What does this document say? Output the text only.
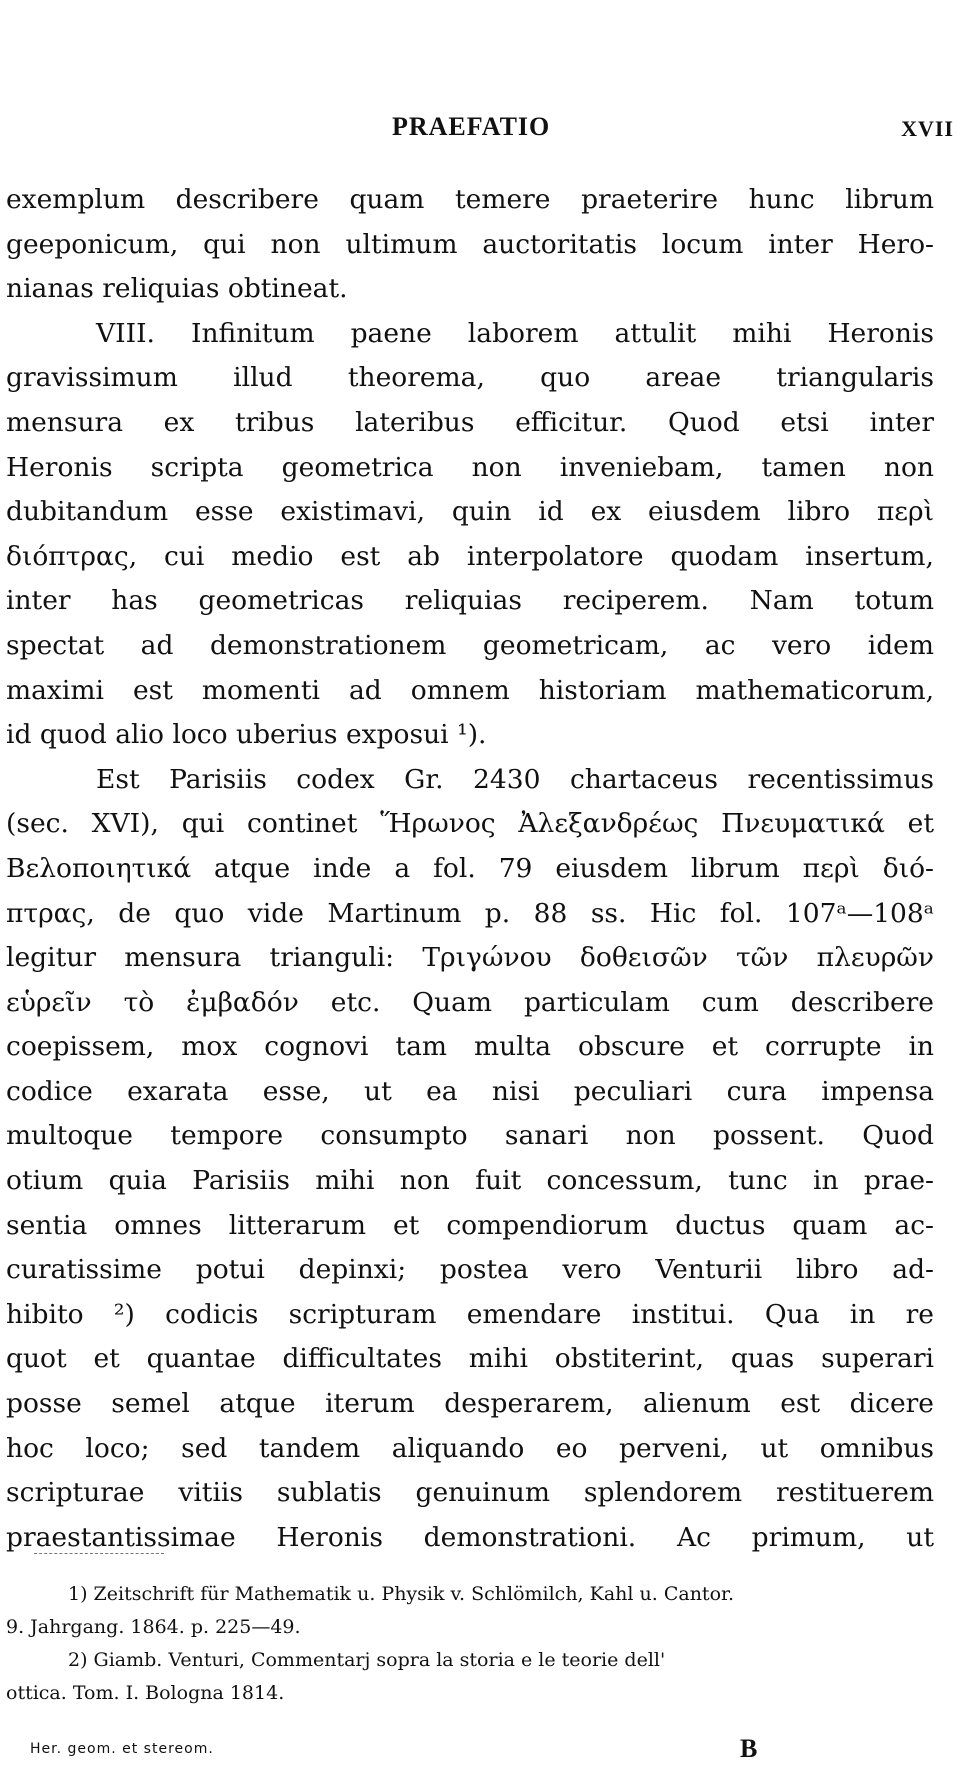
PRAEFATIO	XVII
exemplum describere quam temere praeterire hunc librum
geeponicum, qui non ultimum auctoritatis locum inter Hero-
nianas reliquias obtineat.
VIII. Infinitum paene laborem attulit mihi Heronis
gravissimum illud theorema, quo areae triangularis
mensura ex tribus lateribus efficitur. Quod etsi inter
Heronis scripta geometrica non inveniebam, tamen non
dubitandum esse existimavi, quin id ex eiusdem libro περὶ
διόπτρας, cui medio est ab interpolatore quodam insertum,
inter has geometricas reliquias reciperem. Nam totum
spectat ad demonstrationem geometricam, ac vero idem
maximi est momenti ad omnem historiam mathematicorum,
id quod alio loco uberius exposui ¹).
Est Parisiis codex Gr. 2430 chartaceus recentissimus
(sec. XVI), qui continet Ἥρωνος Ἀλεξανδρέως Πνευματικά et
Βελοποιητικά atque inde a fol. 79 eiusdem librum περὶ διό-
πτρας, de quo vide Martinum p. 88 ss. Hic fol. 107ᵃ—108ᵃ
legitur mensura trianguli: Τριγώνου δοθεισῶν τῶν πλευρῶν
εὑρεῖν τὸ ἐμβαδόν etc. Quam particulam cum describere
coepissem, mox cognovi tam multa obscure et corrupte in
codice exarata esse, ut ea nisi peculiari cura impensa
multoque tempore consumpto sanari non possent. Quod
otium quia Parisiis mihi non fuit concessum, tunc in prae-
sentia omnes litterarum et compendiorum ductus quam ac-
curatissime potui depinxi; postea vero Venturii libro ad-
hibito ²) codicis scripturam emendare institui. Qua in re
quot et quantae difficultates mihi obstiterint, quas superari
posse semel atque iterum desperarem, alienum est dicere
hoc loco; sed tandem aliquando eo perveni, ut omnibus
scripturae vitiis sublatis genuinum splendorem restituerem
praestantissimae Heronis demonstrationi. Ac primum, ut
1) Zeitschrift für Mathematik u. Physik v. Schlömilch, Kahl u. Cantor.
9. Jahrgang. 1864. p. 225—49.
2) Giamb. Venturi, Commentarj sopra la storia e le teorie dell'
ottica. Tom. I. Bologna 1814.
Her. geom. et stereom.	B
